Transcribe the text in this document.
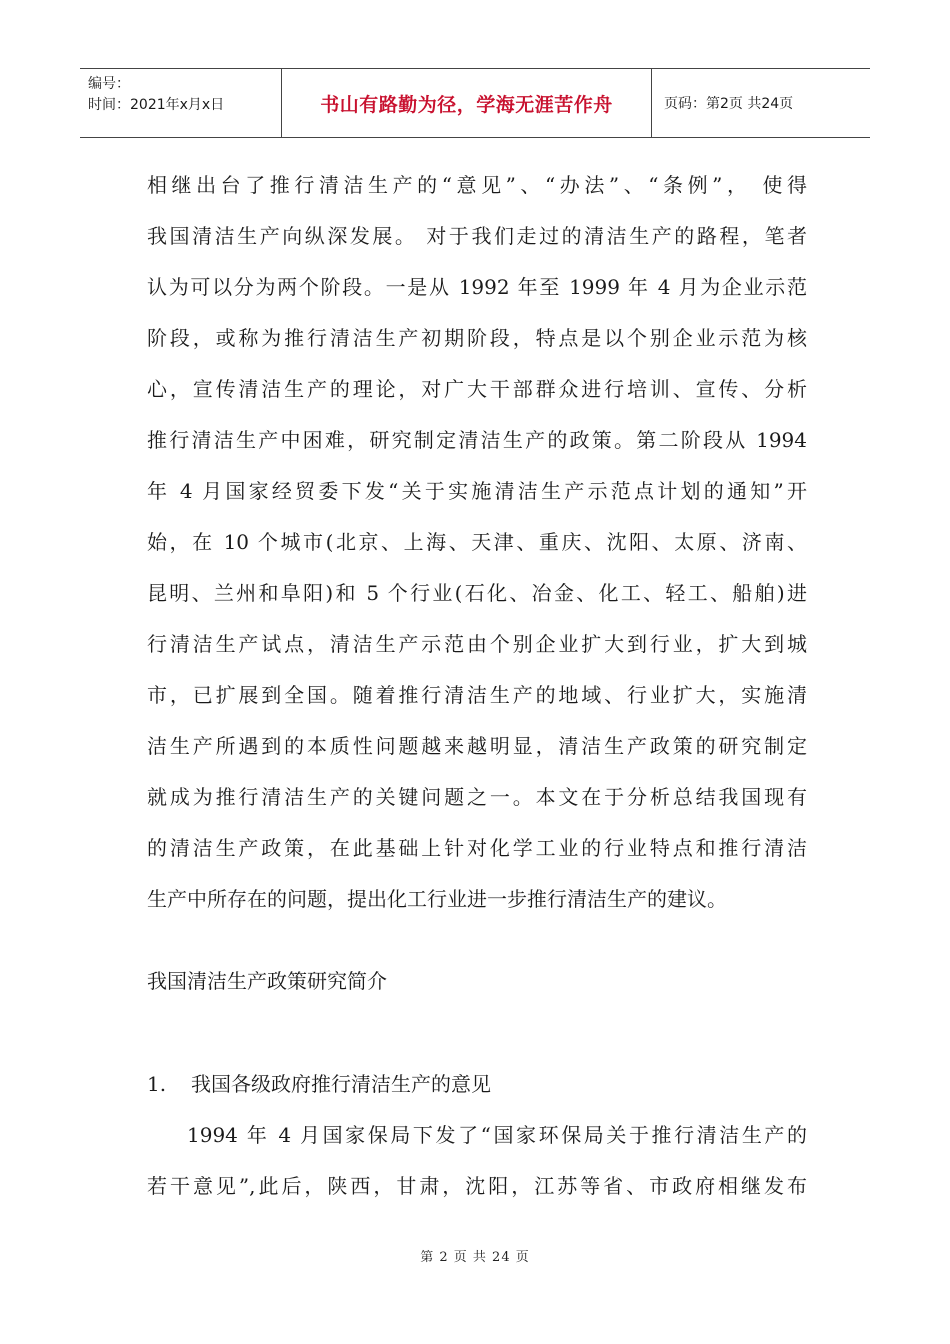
编号：
时间：2021年x月x日	书山有路勤为径，学海无涯苦作舟	页码：第2页 共24页
相继出台了推行清洁生产的“意见”、“办法”、“条例”， 使得
我国清洁生产向纵深发展。 对于我们走过的清洁生产的路程，笔者
认为可以分为两个阶段。一是从 1992 年至 1999 年 4 月为企业示范
阶段，或称为推行清洁生产初期阶段，特点是以个别企业示范为核
心，宣传清洁生产的理论，对广大干部群众进行培训、宣传、分析
推行清洁生产中困难，研究制定清洁生产的政策。第二阶段从 1994
年 4 月国家经贸委下发“关于实施清洁生产示范点计划的通知”开
始，在 10 个城市(北京、上海、天津、重庆、沈阳、太原、济南、
昆明、兰州和阜阳)和 5 个行业(石化、冶金、化工、轻工、船舶)进
行清洁生产试点，清洁生产示范由个别企业扩大到行业，扩大到城
市，已扩展到全国。随着推行清洁生产的地域、行业扩大，实施清
洁生产所遇到的本质性问题越来越明显，清洁生产政策的研究制定
就成为推行清洁生产的关键问题之一。本文在于分析总结我国现有
的清洁生产政策，在此基础上针对化学工业的行业特点和推行清洁
生产中所存在的问题，提出化工行业进一步推行清洁生产的建议。
我国清洁生产政策研究简介
1. 我国各级政府推行清洁生产的意见
1994 年 4 月国家保局下发了“国家环保局关于推行清洁生产的
若干意见”,此后，陕西，甘肃，沈阳，江苏等省、市政府相继发布
第 2 页 共 24 页
